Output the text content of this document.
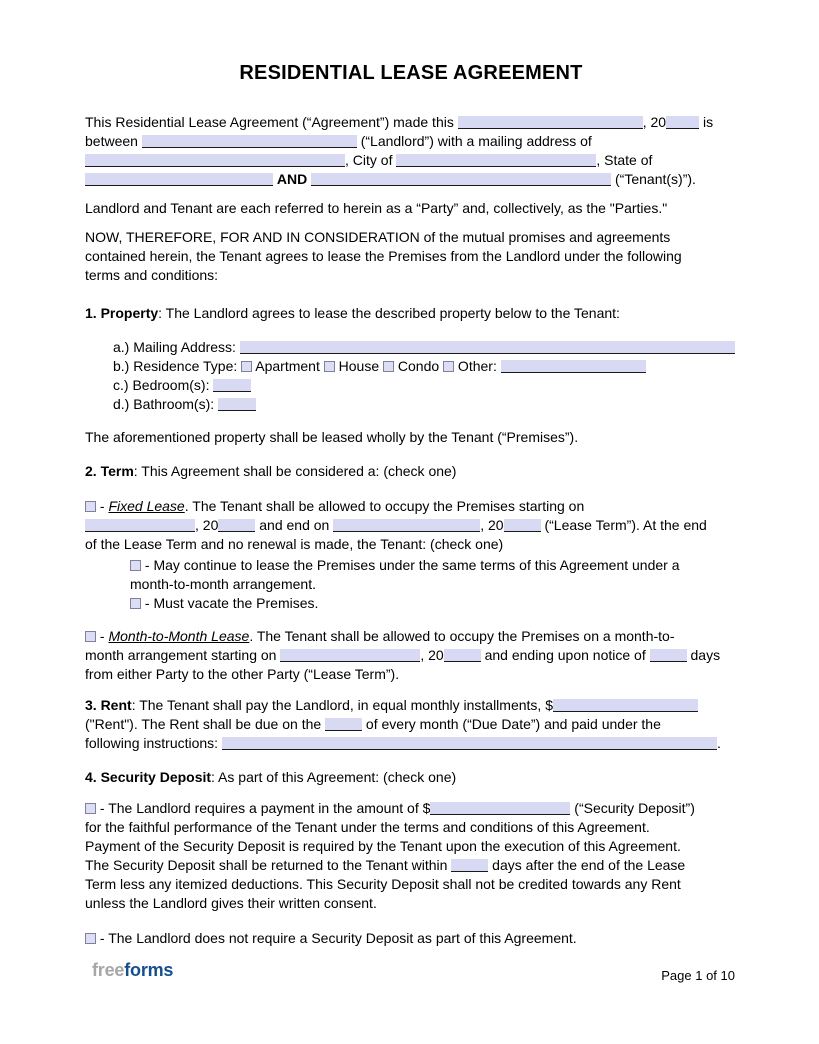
RESIDENTIAL LEASE AGREEMENT
This Residential Lease Agreement (“Agreement”) made this	, 20 is
between	(“Landlord”) with a mailing address of
, City of	, State of
AND	(“Tenant(s)”).
Landlord and Tenant are each referred to herein as a “Party” and, collectively, as the "Parties."
NOW, THEREFORE, FOR AND IN CONSIDERATION of the mutual promises and agreements
contained herein, the Tenant agrees to lease the Premises from the Landlord under the following
terms and conditions:
1. Property: The Landlord agrees to lease the described property below to the Tenant:
a.) Mailing Address:
b.) Residence Type:  Apartment  House  Condo  Other:
c.) Bedroom(s):
d.) Bathroom(s):
The aforementioned property shall be leased wholly by the Tenant (“Premises”).
2. Term: This Agreement shall be considered a: (check one)
- Fixed Lease. The Tenant shall be allowed to occupy the Premises starting on
, 20	and end on	, 20	(“Lease Term”). At the end
of the Lease Term and no renewal is made, the Tenant: (check one)
- May continue to lease the Premises under the same terms of this Agreement under a
month-to-month arrangement.
- Must vacate the Premises.
- Month-to-Month Lease. The Tenant shall be allowed to occupy the Premises on a month-to-
month arrangement starting on	, 20	and ending upon notice of	days
from either Party to the other Party (“Lease Term”).
3. Rent: The Tenant shall pay the Landlord, in equal monthly installments, $
("Rent"). The Rent shall be due on the	of every month (“Due Date”) and paid under the
following instructions:	.
4. Security Deposit: As part of this Agreement: (check one)
- The Landlord requires a payment in the amount of $	(“Security Deposit”)
for the faithful performance of the Tenant under the terms and conditions of this Agreement.
Payment of the Security Deposit is required by the Tenant upon the execution of this Agreement.
The Security Deposit shall be returned to the Tenant within	days after the end of the Lease
Term less any itemized deductions. This Security Deposit shall not be credited towards any Rent
unless the Landlord gives their written consent.
- The Landlord does not require a Security Deposit as part of this Agreement.
freeforms	Page 1 of 10
